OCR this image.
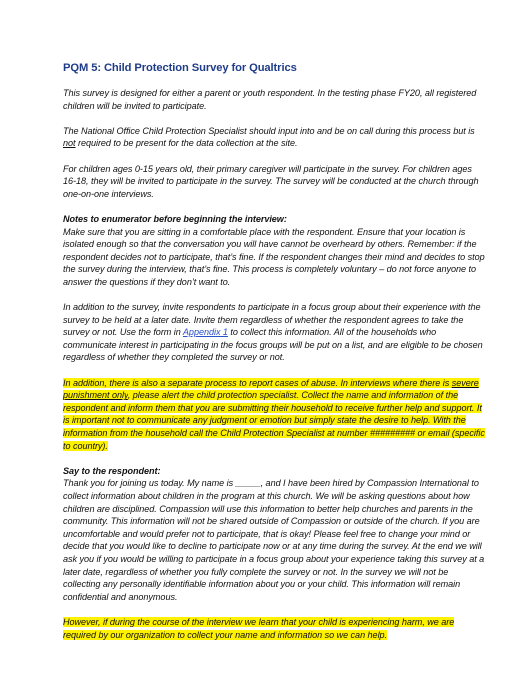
PQM 5: Child Protection Survey for Qualtrics

This survey is designed for either a parent or youth respondent. In the testing phase FY20, all registered children will be invited to participate.

The National Office Child Protection Specialist should input into and be on call during this process but is not required to be present for the data collection at the site.

For children ages 0-15 years old, their primary caregiver will participate in the survey. For children ages 16-18, they will be invited to participate in the survey. The survey will be conducted at the church through one-on-one interviews.

Notes to enumerator before beginning the interview:
Make sure that you are sitting in a comfortable place with the respondent. Ensure that your location is isolated enough so that the conversation you will have cannot be overheard by others. Remember: if the respondent decides not to participate, that’s fine. If the respondent changes their mind and decides to stop the survey during the interview, that’s fine. This process is completely voluntary – do not force anyone to answer the questions if they don’t want to.

In addition to the survey, invite respondents to participate in a focus group about their experience with the survey to be held at a later date. Invite them regardless of whether the respondent agrees to take the survey or not. Use the form in Appendix 1 to collect this information. All of the households who communicate interest in participating in the focus groups will be put on a list, and are eligible to be chosen regardless of whether they completed the survey or not.

In addition, there is also a separate process to report cases of abuse. In interviews where there is severe punishment only, please alert the child protection specialist. Collect the name and information of the respondent and inform them that you are submitting their household to receive further help and support. It is important not to communicate any judgment or emotion but simply state the desire to help. With the information from the household call the Child Protection Specialist at number ######### or email (specific to country).

Say to the respondent:
Thank you for joining us today. My name is _____, and I have been hired by Compassion International to collect information about children in the program at this church. We will be asking questions about how children are disciplined. Compassion will use this information to better help churches and parents in the community. This information will not be shared outside of Compassion or outside of the church. If you are uncomfortable and would prefer not to participate, that is okay! Please feel free to change your mind or decide that you would like to decline to participate now or at any time during the survey. At the end we will ask you if you would be willing to participate in a focus group about your experience taking this survey at a later date, regardless of whether you fully complete the survey or not. In the survey we will not be collecting any personally identifiable information about you or your child. This information will remain confidential and anonymous.

However, if during the course of the interview we learn that your child is experiencing harm, we are required by our organization to collect your name and information so we can help.
